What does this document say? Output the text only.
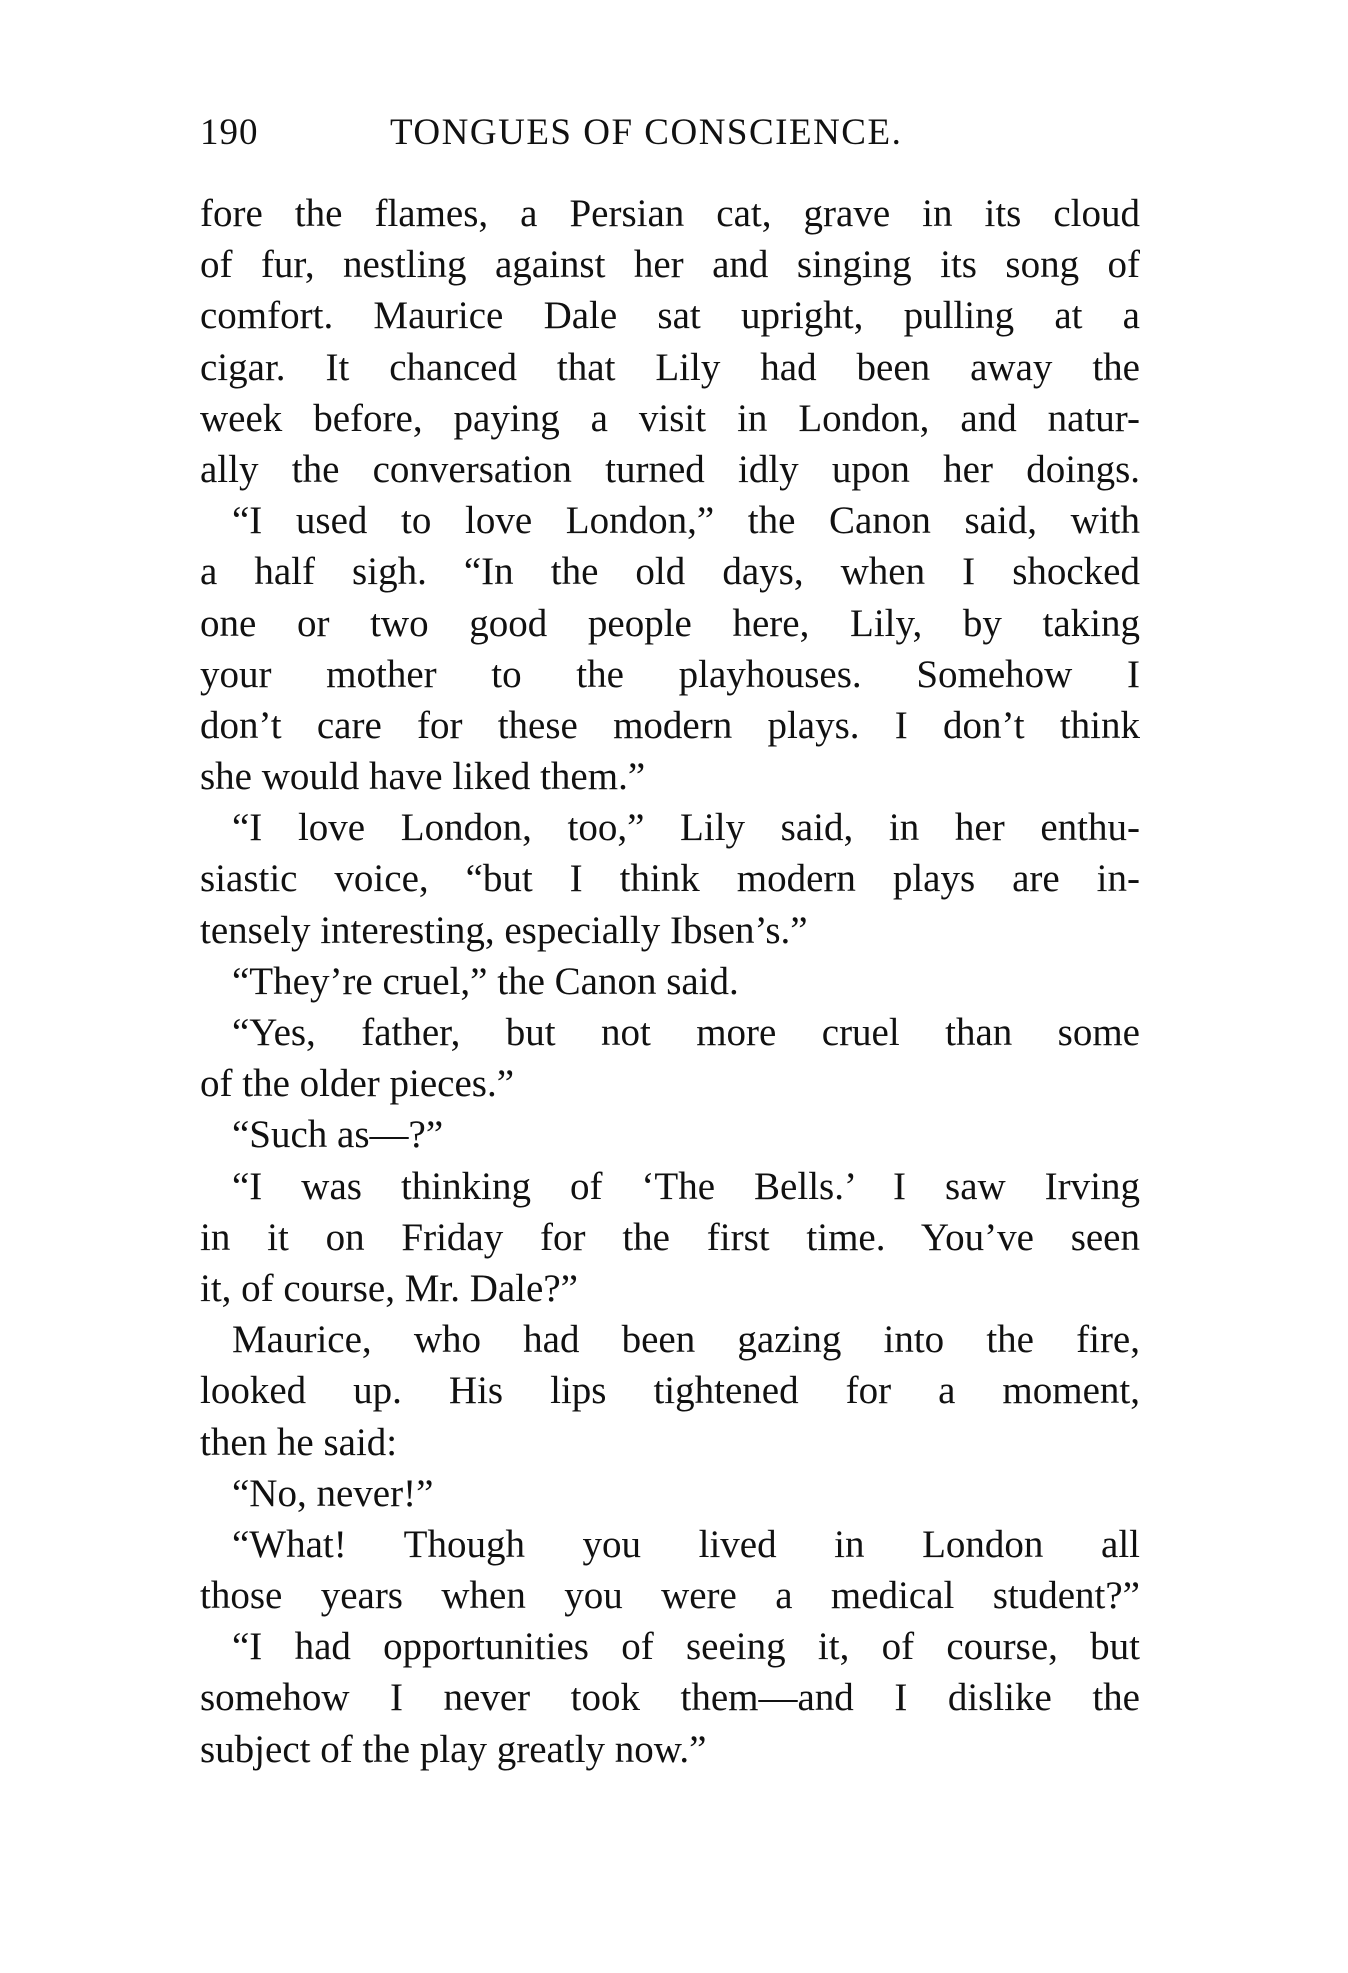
190	TONGUES OF CONSCIENCE.
fore the flames, a Persian cat, grave in its cloud
of fur, nestling against her and singing its song of
comfort. Maurice Dale sat upright, pulling at a
cigar. It chanced that Lily had been away the
week before, paying a visit in London, and natur-
ally the conversation turned idly upon her doings.
“I used to love London,” the Canon said, with
a half sigh. “In the old days, when I shocked
one or two good people here, Lily, by taking
your mother to the playhouses. Somehow I
don’t care for these modern plays. I don’t think
she would have liked them.”
“I love London, too,” Lily said, in her enthu-
siastic voice, “but I think modern plays are in-
tensely interesting, especially Ibsen’s.”
“They’re cruel,” the Canon said.
“Yes, father, but not more cruel than some
of the older pieces.”
“Such as—?”
“I was thinking of ‘The Bells.’ I saw Irving
in it on Friday for the first time. You’ve seen
it, of course, Mr. Dale?”
Maurice, who had been gazing into the fire,
looked up. His lips tightened for a moment,
then he said:
“No, never!”
“What! Though you lived in London all
those years when you were a medical student?”
“I had opportunities of seeing it, of course, but
somehow I never took them—and I dislike the
subject of the play greatly now.”
